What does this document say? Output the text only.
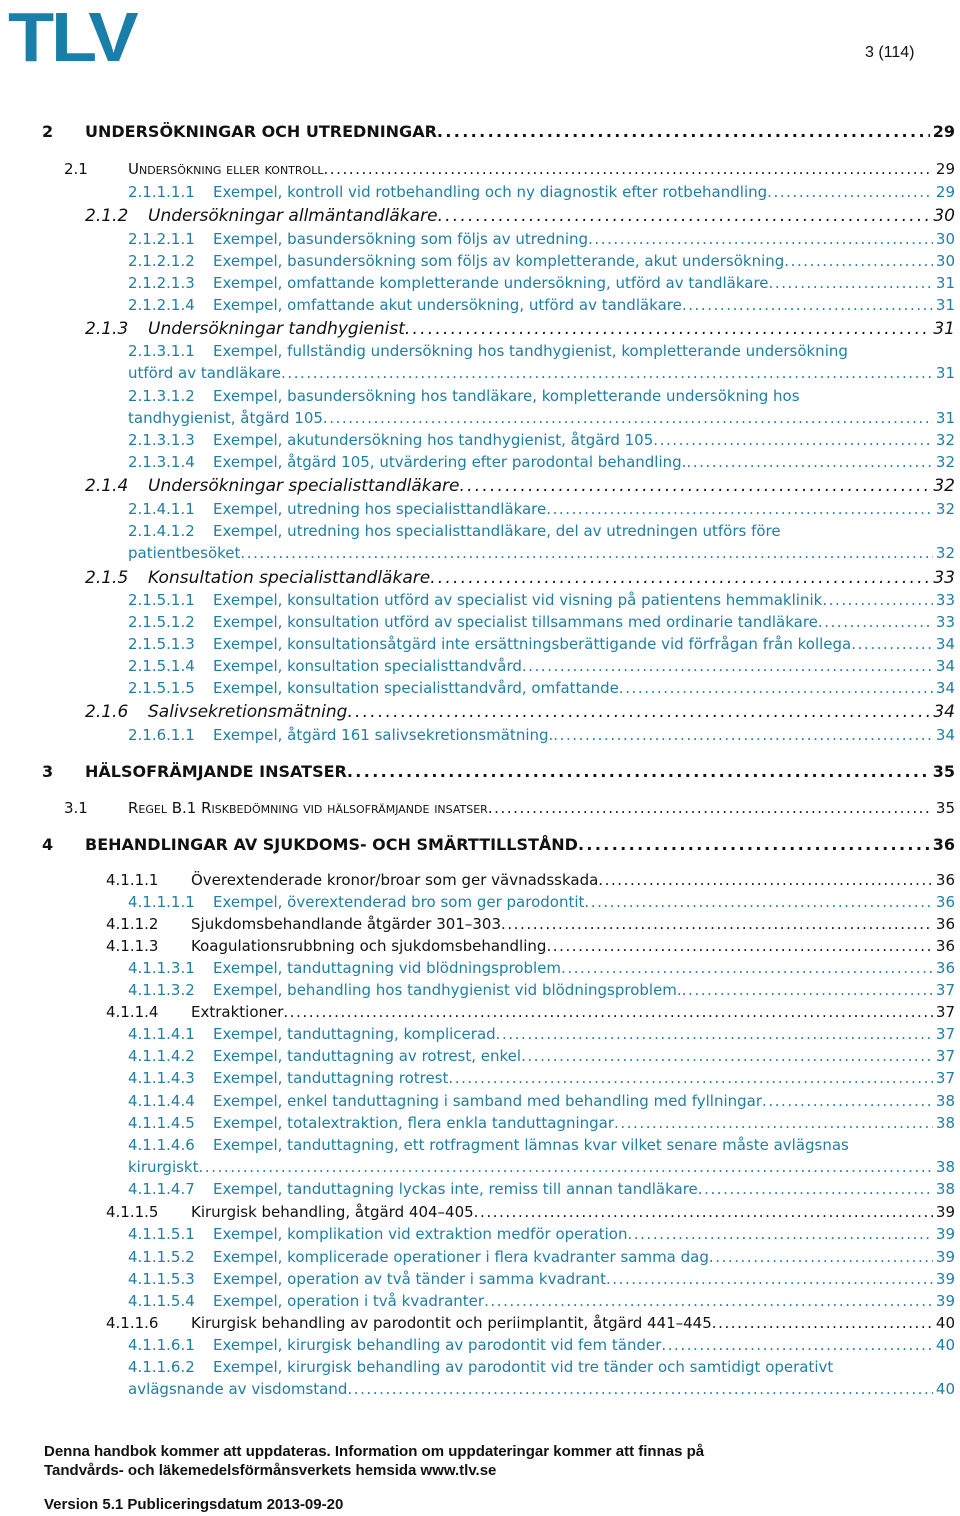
TLV	3 (114)
2	UNDERSÖKNINGAR OCH UTREDNINGAR . . .	29
2.1	Undersökning eller kontroll . . .	29
2.1.1.1.1	Exempel, kontroll vid rotbehandling och ny diagnostik efter rotbehandling . . .	29
2.1.2	Undersökningar allmäntandläkare . . .	30
2.1.2.1.1	Exempel, basundersökning som följs av utredning . . .	30
2.1.2.1.2	Exempel, basundersökning som följs av kompletterande, akut undersökning . . .	30
2.1.2.1.3	Exempel, omfattande kompletterande undersökning, utförd av tandläkare . . .	31
2.1.2.1.4	Exempel, omfattande akut undersökning, utförd av tandläkare . . .	31
2.1.3	Undersökningar tandhygienist . . .	31
2.1.3.1.1	Exempel, fullständig undersökning hos tandhygienist, kompletterande undersökning
utförd av tandläkare . . .	31
2.1.3.1.2	Exempel, basundersökning hos tandläkare, kompletterande undersökning hos
tandhygienist, åtgärd 105 . . .	31
2.1.3.1.3	Exempel, akutundersökning hos tandhygienist, åtgärd 105 . . .	32
2.1.3.1.4	Exempel, åtgärd 105, utvärdering efter parodontal behandling. . . .	32
2.1.4	Undersökningar specialisttandläkare . . .	32
2.1.4.1.1	Exempel, utredning hos specialisttandläkare . . .	32
2.1.4.1.2	Exempel, utredning hos specialisttandläkare, del av utredningen utförs före
patientbesöket . . .	32
2.1.5	Konsultation specialisttandläkare . . .	33
2.1.5.1.1	Exempel, konsultation utförd av specialist vid visning på patientens hemmaklinik . . .	33
2.1.5.1.2	Exempel, konsultation utförd av specialist tillsammans med ordinarie tandläkare . . .	33
2.1.5.1.3	Exempel, konsultationsåtgärd inte ersättningsberättigande vid förfrågan från kollega . . .	34
2.1.5.1.4	Exempel, konsultation specialisttandvård . . .	34
2.1.5.1.5	Exempel, konsultation specialisttandvård, omfattande . . .	34
2.1.6	Salivsekretionsmätning . . .	34
2.1.6.1.1	Exempel, åtgärd 161 salivsekretionsmätning. . . .	34
3	HÄLSOFRÄMJANDE INSATSER . . .	35
3.1	Regel B.1 Riskbedömning vid hälsofrämjande insatser . . .	35
4	BEHANDLINGAR AV SJUKDOMS- OCH SMÄRTTILLSTÅND . . .	36
4.1.1.1	Överextenderade kronor/broar som ger vävnadsskada . . .	36
4.1.1.1.1	Exempel, överextenderad bro som ger parodontit . . .	36
4.1.1.2	Sjukdomsbehandlande åtgärder 301–303 . . .	36
4.1.1.3	Koagulationsrubbning och sjukdomsbehandling . . .	36
4.1.1.3.1	Exempel, tanduttagning vid blödningsproblem . . .	36
4.1.1.3.2	Exempel, behandling hos tandhygienist vid blödningsproblem. . . .	37
4.1.1.4	Extraktioner . . .	37
4.1.1.4.1	Exempel, tanduttagning, komplicerad . . .	37
4.1.1.4.2	Exempel, tanduttagning av rotrest, enkel . . .	37
4.1.1.4.3	Exempel, tanduttagning rotrest . . .	37
4.1.1.4.4	Exempel, enkel tanduttagning i samband med behandling med fyllningar . . .	38
4.1.1.4.5	Exempel, totalextraktion, flera enkla tanduttagningar . . .	38
4.1.1.4.6	Exempel, tanduttagning, ett rotfragment lämnas kvar vilket senare måste avlägsnas
kirurgiskt . . .	38
4.1.1.4.7	Exempel, tanduttagning lyckas inte, remiss till annan tandläkare . . .	38
4.1.1.5	Kirurgisk behandling, åtgärd 404–405 . . .	39
4.1.1.5.1	Exempel, komplikation vid extraktion medför operation . . .	39
4.1.1.5.2	Exempel, komplicerade operationer i flera kvadranter samma dag . . .	39
4.1.1.5.3	Exempel, operation av två tänder i samma kvadrant . . .	39
4.1.1.5.4	Exempel, operation i två kvadranter . . .	39
4.1.1.6	Kirurgisk behandling av parodontit och periimplantit, åtgärd 441–445 . . .	40
4.1.1.6.1	Exempel, kirurgisk behandling av parodontit vid fem tänder . . .	40
4.1.1.6.2	Exempel, kirurgisk behandling av parodontit vid tre tänder och samtidigt operativt
avlägsnande av visdomstand . . .	40
Denna handbok kommer att uppdateras. Information om uppdateringar kommer att finnas på
Tandvårds- och läkemedelsförmånsverkets hemsida www.tlv.se
Version 5.1 Publiceringsdatum 2013-09-20
